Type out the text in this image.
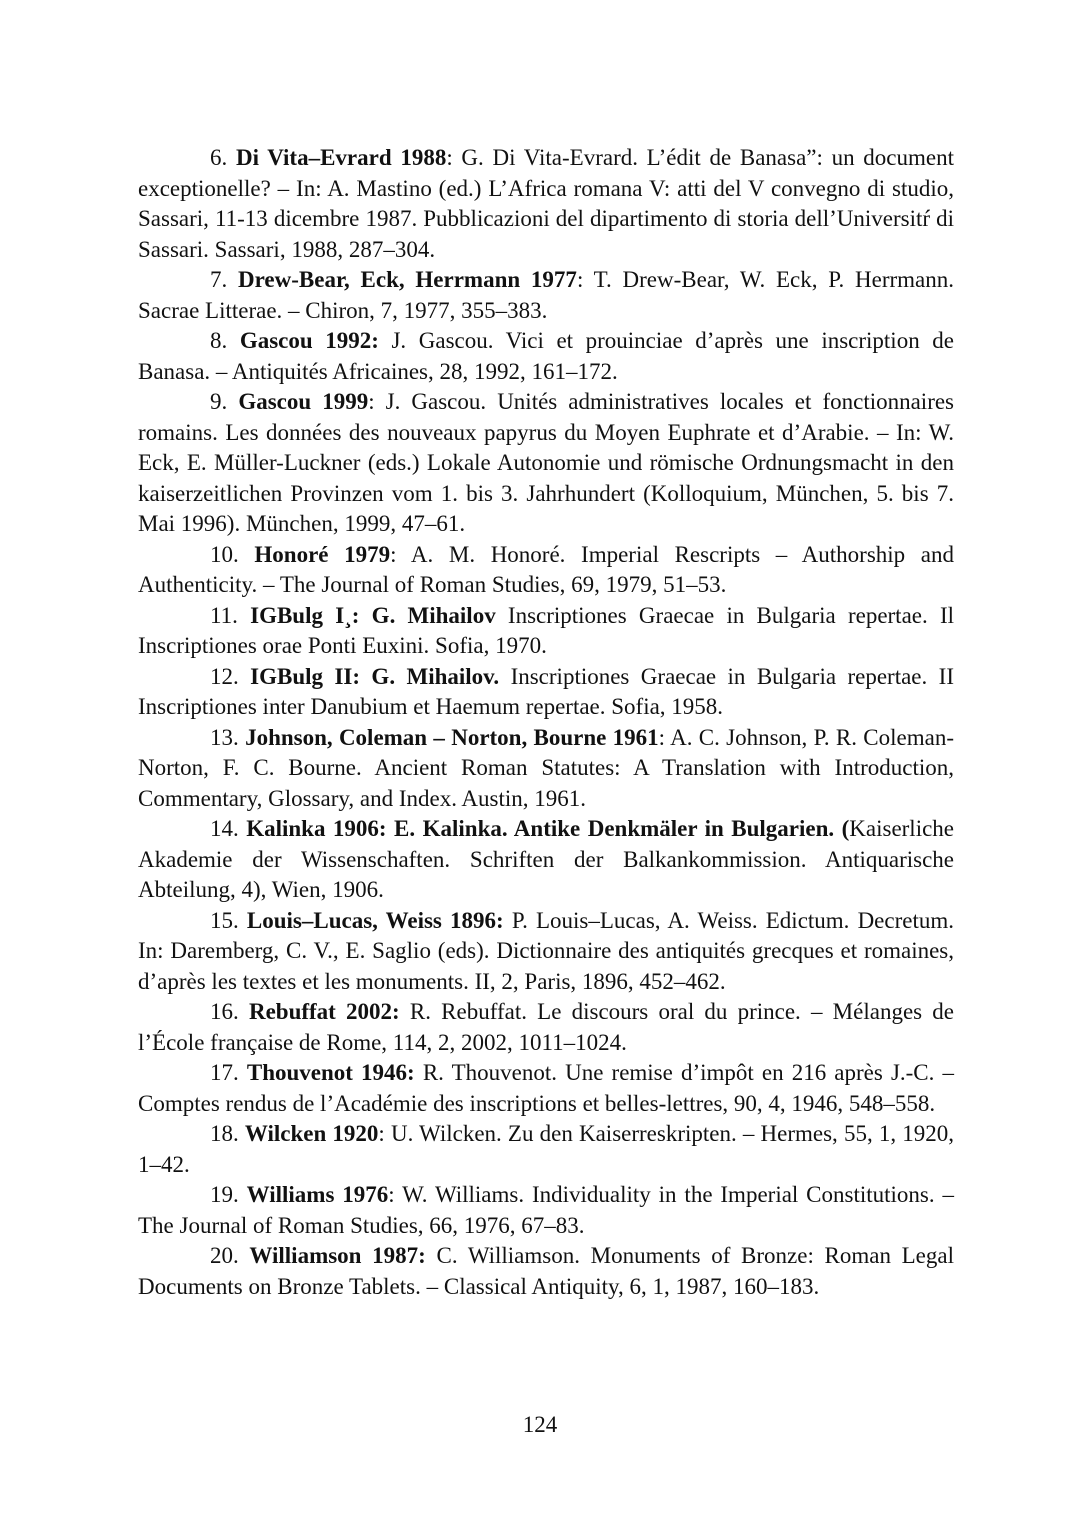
6. Di Vita–Evrard 1988: G. Di Vita-Evrard. L’édit de Banasa”: un document exceptionelle? – In: A. Mastino (ed.) L’Africa romana V: atti del V convegno di studio, Sassari, 11-13 dicembre 1987. Pubblicazioni del dipartimento di storia dell’Universitŕ di Sassari. Sassari, 1988, 287–304.

7. Drew-Bear, Eck, Herrmann 1977: T. Drew-Bear, W. Eck, P. Herrmann. Sacrae Litterae. – Chiron, 7, 1977, 355–383.

8. Gascou 1992: J. Gascou. Vici et prouinciae d’après une inscription de Banasa. – Antiquités Africaines, 28, 1992, 161–172.

9. Gascou 1999: J. Gascou. Unités administratives locales et fonctionnaires romains. Les données des nouveaux papyrus du Moyen Euphrate et d’Arabie. – In: W. Eck, E. Müller-Luckner (eds.) Lokale Autonomie und römische Ordnungsmacht in den kaiserzeitlichen Provinzen vom 1. bis 3. Jahrhundert (Kolloquium, München, 5. bis 7. Mai 1996). München, 1999, 47–61.

10. Honoré 1979: A. M. Honoré. Imperial Rescripts – Authorship and Authenticity. – The Journal of Roman Studies, 69, 1979, 51–53.

11. IGBulg I¸: G. Mihailov Inscriptiones Graecae in Bulgaria repertae. Il Inscriptiones orae Ponti Euxini. Sofia, 1970.

12. IGBulg II: G. Mihailov. Inscriptiones Graecae in Bulgaria repertae. II Inscriptiones inter Danubium et Haemum repertae. Sofia, 1958.

13. Johnson, Coleman – Norton, Bourne 1961: A. C. Johnson, P. R. Coleman-Norton, F. C. Bourne. Ancient Roman Statutes: A Translation with Introduction, Commentary, Glossary, and Index. Austin, 1961.

14. Kalinka 1906: E. Kalinka. Antike Denkmäler in Bulgarien. (Kaiserliche Akademie der Wissenschaften. Schriften der Balkankommission. Antiquarische Abteilung, 4), Wien, 1906.

15. Louis–Lucas, Weiss 1896: P. Louis–Lucas, A. Weiss. Edictum. Decretum. In: Daremberg, C. V., E. Saglio (eds). Dictionnaire des antiquités grecques et romaines, d’après les textes et les monuments. II, 2, Paris, 1896, 452–462.

16. Rebuffat 2002: R. Rebuffat. Le discours oral du prince. – Mélanges de l’École française de Rome, 114, 2, 2002, 1011–1024.

17. Thouvenot 1946: R. Thouvenot. Une remise d’impôt en 216 après J.-C. – Comptes rendus de l’Académie des inscriptions et belles-lettres, 90, 4, 1946, 548–558.

18. Wilcken 1920: U. Wilcken. Zu den Kaiserreskripten. – Hermes, 55, 1, 1920, 1–42.

19. Williams 1976: W. Williams. Individuality in the Imperial Constitutions. – The Journal of Roman Studies, 66, 1976, 67–83.

20. Williamson 1987: C. Williamson. Monuments of Bronze: Roman Legal Documents on Bronze Tablets. – Classical Antiquity, 6, 1, 1987, 160–183.

124
